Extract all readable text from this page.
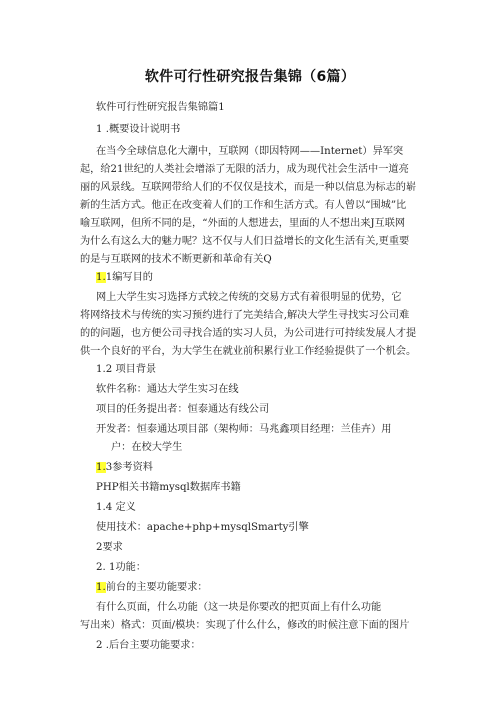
软件可行性研究报告集锦（6篇）
软件可行性研究报告集锦篇1
1 .概要设计说明书
在当今全球信息化大潮中，互联网（即因特网——Internet）异军突
起，给21世纪的人类社会增添了无限的活力，成为现代社会生活中一道亮
丽的风景线。互联网带给人们的不仅仅是技术，而是一种以信息为标志的崭
新的生活方式。他正在改变着人们的工作和生活方式。有人曾以“围城”比
喻互联网，但所不同的是，“外面的人想进去，里面的人不想出来J互联网
为什么有这么大的魅力呢？这不仅与人们日益增长的文化生活有关,更重要
的是与互联网的技术不断更新和革命有关Q
1.1编写目的
网上大学生实习选择方式较之传统的交易方式有着很明显的优势，它
将网络技术与传统的实习预约进行了完美结合,解决大学生寻找实习公司难
的的问题，也方便公司寻找合适的实习人员，为公司进行可持续发展人才提
供一个良好的平台，为大学生在就业前积累行业工作经验提供了一个机会。
1.2 项目背景
软件名称：通达大学生实习在线
项目的任务提出者：恒泰通达有线公司
开发者：恒泰通达项目部（架构师：马兆鑫项目经理：兰佳卉）用
户：在校大学生
1.3参考资料
PHP相关书籍mysql数据库书籍
1.4 定义
使用技术：apache+php+mysqlSmarty引擎
2要求
2. 1功能：
1.前台的主要功能要求：
有什么页面，什么功能（这一块是你要改的把页面上有什么功能
写出来）格式：页面/模块：实现了什么什么，修改的时候注意下面的图片
2 .后台主要功能要求：
